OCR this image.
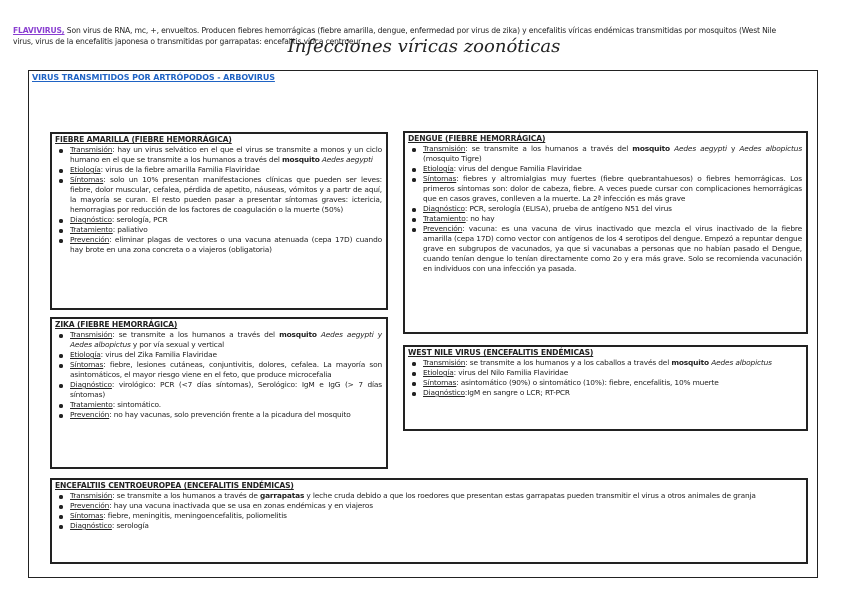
Infecciones víricas zoonóticas
VIRUS TRANSMITIDOS POR ARTRÓPODOS - ARBOVIRUS
FLAVIVIRUS, Son virus de RNA, mc, +, envueltos. Producen fiebres hemorrágicas (fiebre amarilla, dengue, enfermedad por virus de zika) y encefalitis víricas endémicas transmitidas por mosquitos (West Nile virus, virus de la encefalitis japonesa o transmitidas por garrapatas: encefalitis vírica centroeur.
FIEBRE AMARILLA (FIEBRE HEMORRÁGICA)
Transmisión: hay un virus selvático en el que el virus se transmite a monos y un ciclo humano en el que se transmite a los humanos a través del mosquito Aedes aegypti
Etiología: virus de la fiebre amarilla Familia Flaviridae
Síntomas: solo un 10% presentan manifestaciones clínicas que pueden ser leves: fiebre, dolor muscular, cefalea, pérdida de apetito, náuseas, vómitos y a partr de aquí, la mayoría se curan. El resto pueden pasar a presentar síntomas graves: ictericia, hemorragias por reducción de los factores de coagulación o la muerte (50%)
Diagnóstico: serología, PCR
Tratamiento: paliativo
Prevención: eliminar plagas de vectores o una vacuna atenuada (cepa 17D) cuando hay brote en una zona concreta o a viajeros (obligatoria)
DENGUE (FIEBRE HEMORRÁGICA)
Transmisión: se transmite a los humanos a través del mosquito Aedes aegypti y Aedes albopictus (mosquito Tigre)
Etiología: virus del dengue Familia Flaviridae
Síntomas: fiebres y altromialgias muy fuertes (fiebre quebrantahuesos) o fiebres hemorrágicas. Los primeros síntomas son: dolor de cabeza, fiebre. A veces puede cursar con complicaciones hemorrágicas que en casos graves, conlleven a la muerte. La 2ª infección es más grave
Diagnóstico: PCR, serología (ELISA), prueba de antígeno N51 del virus
Tratamiento: no hay
Prevención: vacuna: es una vacuna de virus inactivado que mezcla el virus inactivado de la fiebre amarilla (cepa 17D) como vector con antígenos de los 4 serotipos del dengue. Empezó a repuntar dengue grave en subgrupos de vacunados, ya que si vacunabas a personas que no habían pasado el Dengue, cuando tenían dengue lo tenían directamente como 2o y era más grave. Solo se recomienda vacunación en individuos con una infección ya pasada.
ZIKA (FIEBRE HEMORRÁGICA)
Transmisión: se transmite a los humanos a través del mosquito Aedes aegypti y Aedes albopictus y por vía sexual y vertical
Etiología: virus del Zika Familia Flaviridae
Síntomas: fiebre, lesiones cutáneas, conjuntivitis, dolores, cefalea. La mayoría son asintomáticos, el mayor riesgo viene en el feto, que produce microcefalia
Diagnóstico: virológico: PCR (<7 días síntomas), Serológico: IgM e IgG (> 7 días síntomas)
Tratamiento: sintomático.
Prevención: no hay vacunas, solo prevención frente a la picadura del mosquito
WEST NILE VIRUS (ENCEFALITIS ENDÉMICAS)
Transmisión: se transmite a los humanos y a los caballos a través del mosquito Aedes albopictus
Etiología: virus del Nilo Familia Flaviridae
Síntomas: asintomático (90%) o sintomático (10%): fiebre, encefalitis, 10% muerte
Diagnóstico:IgM en sangre o LCR; RT-PCR
ENCEFALTIIS CENTROEUROPEA (ENCEFALITIS ENDÉMICAS)
Transmisión: se transmite a los humanos a través de garrapatas y leche cruda debido a que los roedores que presentan estas garrapatas pueden transmitir el virus a otros animales de granja
Prevención: hay una vacuna inactivada que se usa en zonas endémicas y en viajeros
Síntomas: fiebre, meningitis, meningoencefalitis, poliomelitis
Diagnóstico: serología
